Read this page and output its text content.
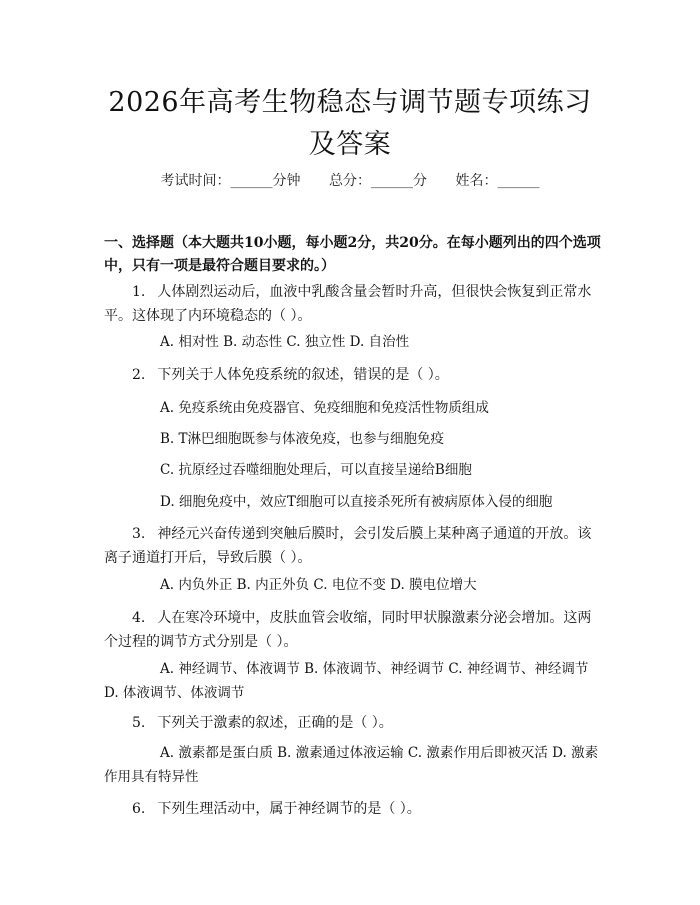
2026年高考生物稳态与调节题专项练习及答案
考试时间：______分钟 总分：______分 姓名：______
一、选择题（本大题共10小题，每小题2分，共20分。在每小题列出的四个选项中，只有一项是最符合题目要求的。）
1. 人体剧烈运动后，血液中乳酸含量会暂时升高，但很快会恢复到正常水平。这体现了内环境稳态的（ ）。
A. 相对性 B. 动态性 C. 独立性 D. 自治性
2. 下列关于人体免疫系统的叙述，错误的是（ ）。
A. 免疫系统由免疫器官、免疫细胞和免疫活性物质组成
B. T淋巴细胞既参与体液免疫，也参与细胞免疫
C. 抗原经过吞噬细胞处理后，可以直接呈递给B细胞
D. 细胞免疫中，效应T细胞可以直接杀死所有被病原体入侵的细胞
3. 神经元兴奋传递到突触后膜时，会引发后膜上某种离子通道的开放。该离子通道打开后，导致后膜（ ）。
A. 内负外正 B. 内正外负 C. 电位不变 D. 膜电位增大
4. 人在寒冷环境中，皮肤血管会收缩，同时甲状腺激素分泌会增加。这两个过程的调节方式分别是（ ）。
A. 神经调节、体液调节 B. 体液调节、神经调节 C. 神经调节、神经调节 D. 体液调节、体液调节
5. 下列关于激素的叙述，正确的是（ ）。
A. 激素都是蛋白质 B. 激素通过体液运输 C. 激素作用后即被灭活 D. 激素作用具有特异性
6. 下列生理活动中，属于神经调节的是（ ）。
